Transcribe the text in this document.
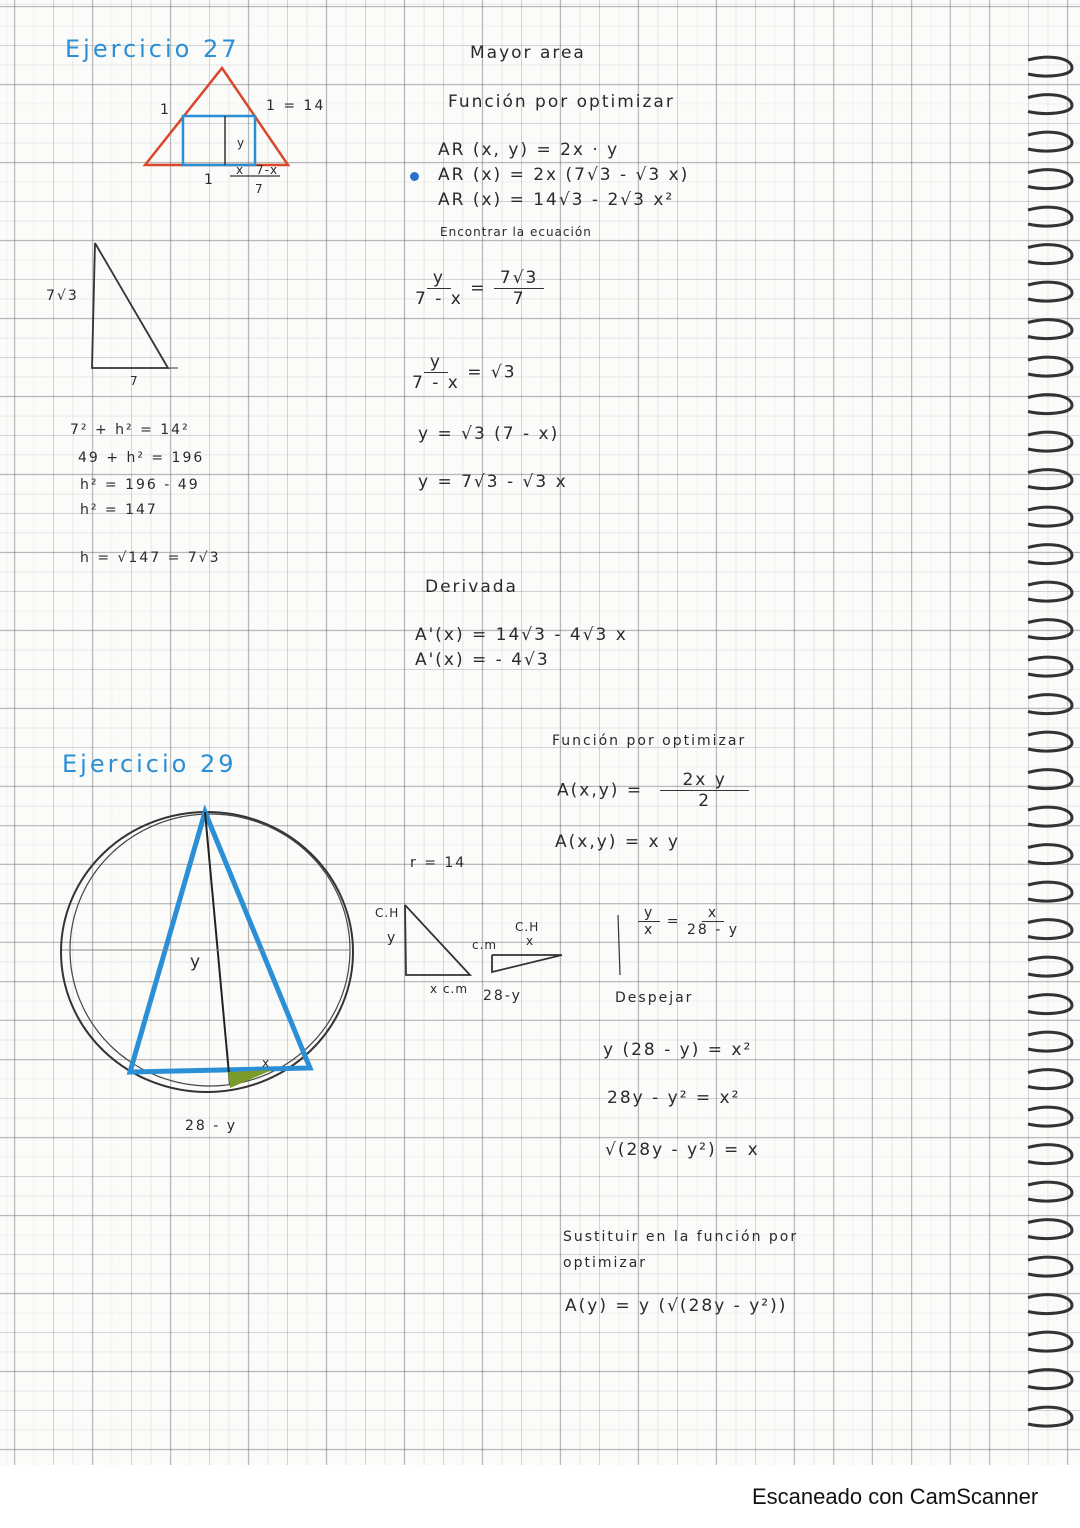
Ejercicio 27
1	1 = 14
y
1
x 7-x
7
7√3
7
7² + h² = 14²
49 + h² = 196
h² = 196 - 49
h² = 147
h = √147 = 7√3
Mayor area
Función por optimizar
AR (x, y) = 2x · y
AR (x) = 2x (7√3 - √3 x)
AR (x) = 14√3 - 2√3 x²
Encontrar la ecuación
$\frac{y}{7 - x} = \frac{7√3}{7}$
$\frac{y}{7 - x} = √3$
y = √3 (7 - x)
y = 7√3 - √3 x
Derivada
A'(x) = 14√3 - 4√3 x
A'(x) = - 4√3
Ejercicio 29
y
x
28 - y
r = 14
C.H
y
x c.m
c.m
C.H
x
28-y
Función por optimizar
$A(x,y) = \frac{\text{2x y}}{2}$
A(x,y) = x y
$\frac{y}{x} = \frac{x}{28 - y}$
Despejar
y (28 - y) = x²
28y - y² = x²
√(28y - y²) = x
Sustituir en la función por optimizar
A(y) = y (√(28y - y²))
Escaneado con CamScanner
